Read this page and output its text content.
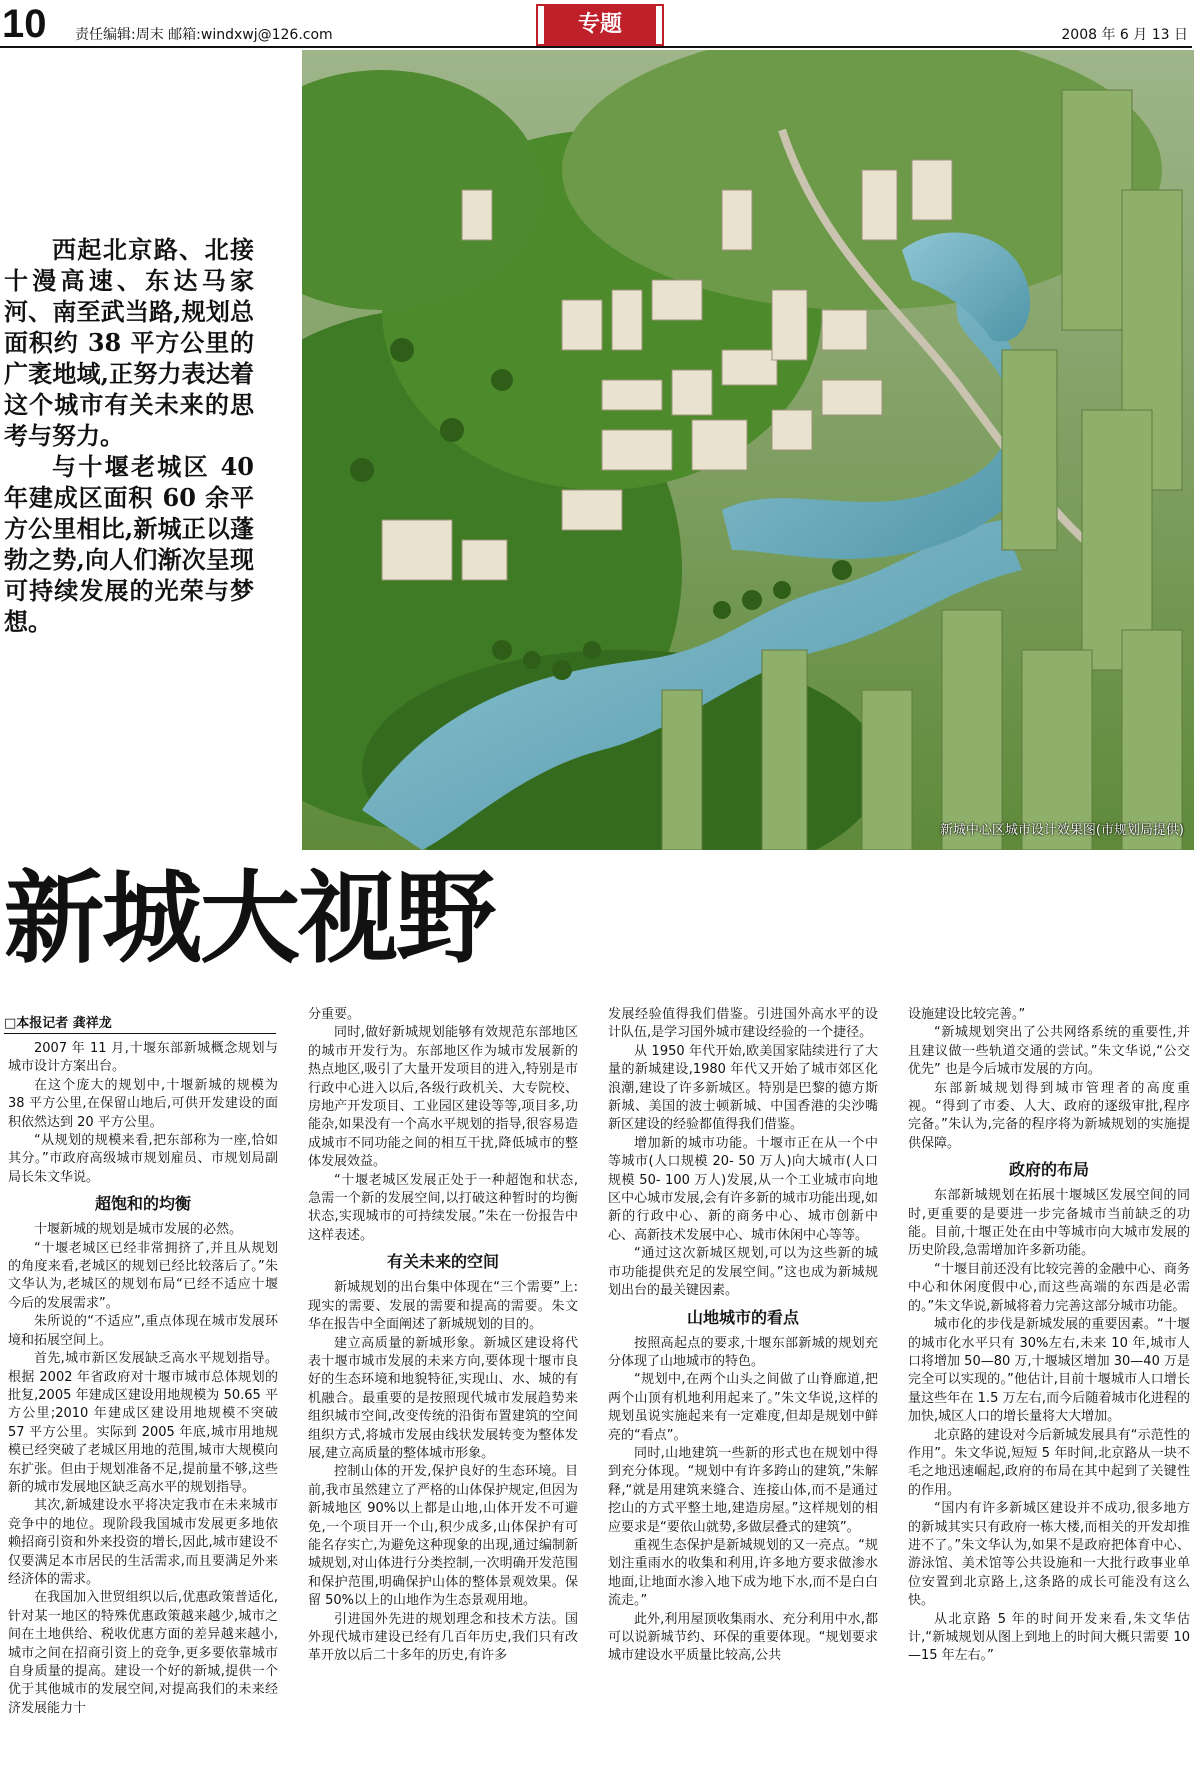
10 责任编辑:周末 邮箱:windxwj@126.com	专题	2008 年 6 月 13 日

西起北京路、北接十漫高速、东达马家河、南至武当路,规划总面积约 38 平方公里的广袤地域,正努力表达着这个城市有关未来的思考与努力。

与十堰老城区 40 年建成区面积 60 余平方公里相比,新城正以蓬勃之势,向人们渐次呈现可持续发展的光荣与梦想。

新城中心区城市设计效果图(市规划局提供)
新城大视野
□本报记者 龚祥龙

2007 年 11 月,十堰东部新城概念规划与城市设计方案出台。

在这个庞大的规划中,十堰新城的规模为 38 平方公里,在保留山地后,可供开发建设的面积依然达到 20 平方公里。

“从规划的规模来看,把东部称为一座,恰如其分。”市政府高级城市规划雇员、市规划局副局长朱文华说。

超饱和的均衡

十堰新城的规划是城市发展的必然。

“十堰老城区已经非常拥挤了,并且从规划的角度来看,老城区的规划已经比较落后了。”朱文华认为,老城区的规划布局“已经不适应十堰今后的发展需求”。

朱所说的“不适应”,重点体现在城市发展环境和拓展空间上。

首先,城市新区发展缺乏高水平规划指导。根据 2002 年省政府对十堰市城市总体规划的批复,2005 年建成区建设用地规模为 50.65 平方公里;2010 年建成区建设用地规模不突破 57 平方公里。实际到 2005 年底,城市用地规模已经突破了老城区用地的范围,城市大规模向东扩张。但由于规划准备不足,提前量不够,这些新的城市发展地区缺乏高水平的规划指导。

其次,新城建设水平将决定我市在未来城市竞争中的地位。现阶段我国城市发展更多地依赖招商引资和外来投资的增长,因此,城市建设不仅要满足本市居民的生活需求,而且要满足外来经济体的需求。

在我国加入世贸组织以后,优惠政策普适化,针对某一地区的特殊优惠政策越来越少,城市之间在土地供给、税收优惠方面的差异越来越小,城市之间在招商引资上的竞争,更多要依靠城市自身质量的提高。建设一个好的新城,提供一个优于其他城市的发展空间,对提高我们的未来经济发展能力十

分重要。

同时,做好新城规划能够有效规范东部地区的城市开发行为。东部地区作为城市发展新的热点地区,吸引了大量开发项目的进入,特别是市行政中心进入以后,各级行政机关、大专院校、房地产开发项目、工业园区建设等等,项目多,功能杂,如果没有一个高水平规划的指导,很容易造成城市不同功能之间的相互干扰,降低城市的整体发展效益。

“十堰老城区发展正处于一种超饱和状态,急需一个新的发展空间,以打破这种暂时的均衡状态,实现城市的可持续发展。”朱在一份报告中这样表述。

有关未来的空间

新城规划的出台集中体现在“三个需要”上:现实的需要、发展的需要和提高的需要。朱文华在报告中全面阐述了新城规划的目的。

建立高质量的新城形象。新城区建设将代表十堰市城市发展的未来方向,要体现十堰市良好的生态环境和地貌特征,实现山、水、城的有机融合。最重要的是按照现代城市发展趋势来组织城市空间,改变传统的沿街布置建筑的空间组织方式,将城市发展由线状发展转变为整体发展,建立高质量的整体城市形象。

控制山体的开发,保护良好的生态环境。目前,我市虽然建立了严格的山体保护规定,但因为新城地区 90%以上都是山地,山体开发不可避免,一个项目开一个山,积少成多,山体保护有可能名存实亡,为避免这种现象的出现,通过编制新城规划,对山体进行分类控制,一次明确开发范围和保护范围,明确保护山体的整体景观效果。保留 50%以上的山地作为生态景观用地。

引进国外先进的规划理念和技术方法。国外现代城市建设已经有几百年历史,我们只有改革开放以后二十多年的历史,有许多

发展经验值得我们借鉴。引进国外高水平的设计队伍,是学习国外城市建设经验的一个捷径。

从 1950 年代开始,欧美国家陆续进行了大量的新城建设,1980 年代又开始了城市郊区化浪潮,建设了许多新城区。特别是巴黎的德方斯新城、美国的波士顿新城、中国香港的尖沙嘴新区建设的经验都值得我们借鉴。

增加新的城市功能。十堰市正在从一个中等城市(人口规模 20- 50 万人)向大城市(人口规模 50- 100 万人)发展,从一个工业城市向地区中心城市发展,会有许多新的城市功能出现,如新的行政中心、新的商务中心、城市创新中心、高新技术发展中心、城市休闲中心等等。

“通过这次新城区规划,可以为这些新的城市功能提供充足的发展空间。”这也成为新城规划出台的最关键因素。

山地城市的看点

按照高起点的要求,十堰东部新城的规划充分体现了山地城市的特色。

“规划中,在两个山头之间做了山脊廊道,把两个山顶有机地利用起来了。”朱文华说,这样的规划虽说实施起来有一定难度,但却是规划中鲜亮的“看点”。

同时,山地建筑一些新的形式也在规划中得到充分体现。“规划中有许多跨山的建筑,”朱解释,“就是用建筑来缝合、连接山体,而不是通过挖山的方式平整土地,建造房屋。”这样规划的相应要求是“要依山就势,多做层叠式的建筑”。

重视生态保护是新城规划的又一亮点。“规划注重雨水的收集和利用,许多地方要求做渗水地面,让地面水渗入地下成为地下水,而不是白白流走。”

此外,利用屋顶收集雨水、充分利用中水,都可以说新城节约、环保的重要体现。“规划要求城市建设水平质量比较高,公共

设施建设比较完善。”

“新城规划突出了公共网络系统的重要性,并且建议做一些轨道交通的尝试。”朱文华说,“公交优先” 也是今后城市发展的方向。

东部新城规划得到城市管理者的高度重视。“得到了市委、人大、政府的逐级审批,程序完备。”朱认为,完备的程序将为新城规划的实施提供保障。

政府的布局

东部新城规划在拓展十堰城区发展空间的同时,更重要的是要进一步完备城市当前缺乏的功能。目前,十堰正处在由中等城市向大城市发展的历史阶段,急需增加许多新功能。

“十堰目前还没有比较完善的金融中心、商务中心和休闲度假中心,而这些高端的东西是必需的。”朱文华说,新城将着力完善这部分城市功能。

城市化的步伐是新城发展的重要因素。“十堰的城市化水平只有 30%左右,未来 10 年,城市人口将增加 50—80 万,十堰城区增加 30—40 万是完全可以实现的。”他估计,目前十堰城市人口增长量这些年在 1.5 万左右,而今后随着城市化进程的加快,城区人口的增长量将大大增加。

北京路的建设对今后新城发展具有“示范性的作用”。朱文华说,短短 5 年时间,北京路从一块不毛之地迅速崛起,政府的布局在其中起到了关键性的作用。

“国内有许多新城区建设并不成功,很多地方的新城其实只有政府一栋大楼,而相关的开发却推进不了。”朱文华认为,如果不是政府把体育中心、游泳馆、美术馆等公共设施和一大批行政事业单位安置到北京路上,这条路的成长可能没有这么快。

从北京路 5 年的时间开发来看,朱文华估计,“新城规划从图上到地上的时间大概只需要 10—15 年左右。”
